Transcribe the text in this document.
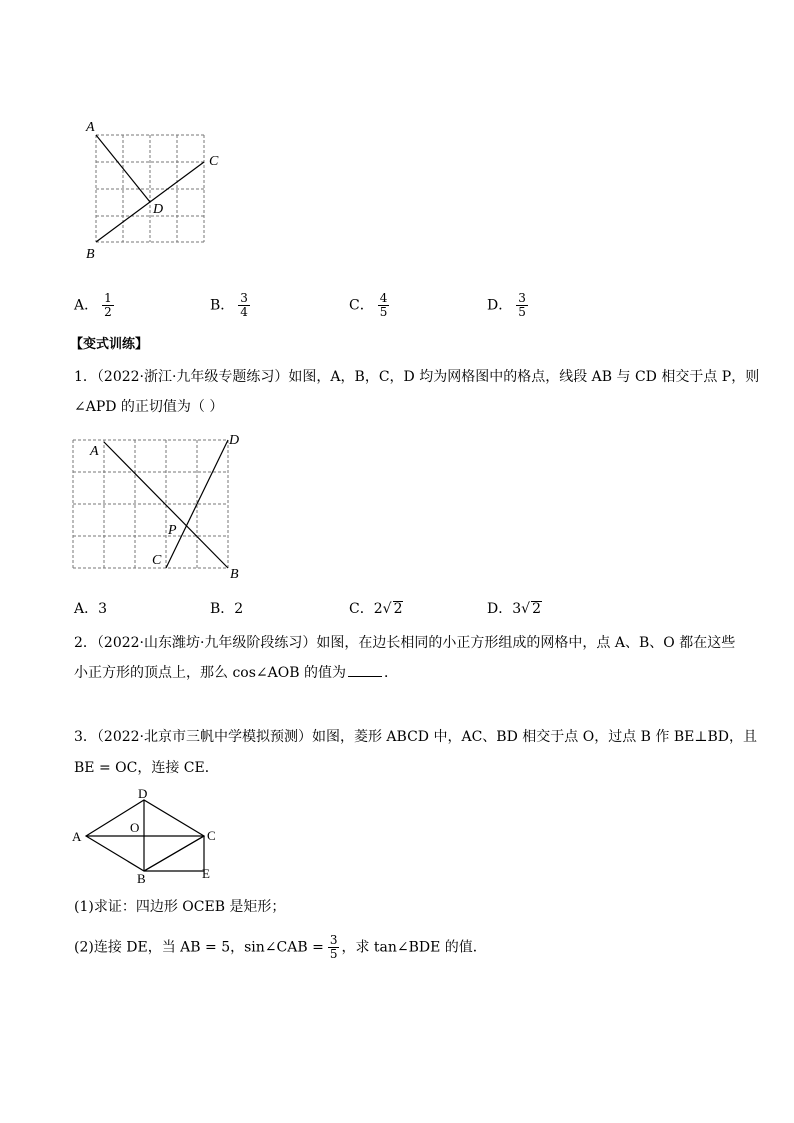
A
B
C
D
A． $\frac{1}{2}$	B． $\frac{3}{4}$	C． $\frac{4}{5}$	D． $\frac{3}{5}$
【变式训练】
1．（2022·浙江·九年级专题练习）如图，A，B，C，D 均为网格图中的格点，线段 AB 与 CD 相交于点 P，则
∠APD 的正切值为（ ）
A
B
C
D
P
A．3	B．2	C．2√ 2	D．3√ 2
2．（2022·山东潍坊·九年级阶段练习）如图，在边长相同的小正方形组成的网格中，点 A、B、O 都在这些
小正方形的顶点上，那么 cos∠AOB 的值为	．
3．（2022·北京市三帆中学模拟预测）如图，菱形 ABCD 中，AC、BD 相交于点 O，过点 B 作 BE⊥BD，且
BE = OC，连接 CE．
A
B
C
D
E
O
(1)求证：四边形 OCEB 是矩形；
(2)连接 DE，当 AB = 5，sin∠CAB = $\frac{3}{5}$ ，求 tan∠BDE 的值．
